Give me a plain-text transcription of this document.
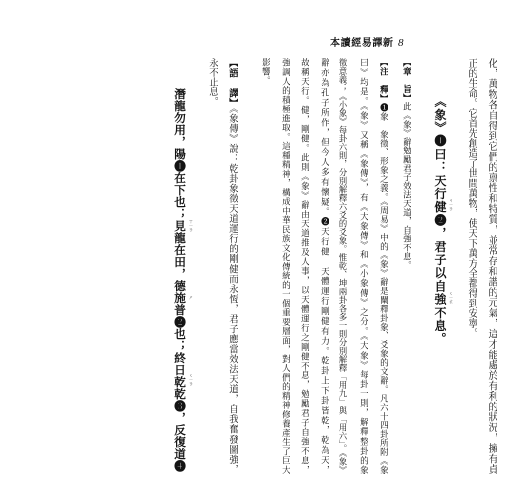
本讀經易譯新 8
化，萬物各自得到它們的禀性和特質，並常存和諧的元氣，這才能處於有利的狀況，擁有貞
正的生命。它首先創造了世間萬物，使天下萬方全都得到安寧。
《象》❶曰：天行健❷，君子以自強不息。 ㄐㄧㄢˋ
ㄑㄧㄤˊ
【章　旨】此《象》辭勉勵君子效法天道，自強不息。
【注　釋】❶象　象徵、形象之義。《周易》中的《象》辭是闡釋卦象、爻象的文辭。凡六十四卦所附《象
曰》均是。《象》又稱《象傳》，有《大象傳》和《小象傳》之分。《大象》每卦一則，解釋整卦的象
徵意義；《小象》每卦六則，分別解釋六爻的爻象。惟乾、坤兩卦各多一則分別解釋「用九」與「用六」。《象》
辭亦為孔子所作，但今人多有懷疑。❷天行健　天體運行剛健有力。乾卦上下卦皆乾，乾為天，
故稱天行。健，剛健。此則《象》辭由天道推及人事，以天體運行之剛健不息，勉勵君子自強不息，
強調人的積極進取。這種精神，構成中華民族文化傳統的一個重要層面，對人們的精神修養產生了巨大
影響。
【語　譯】《象傳》說：乾卦象徵天道運行的剛健而永恆，君子應當效法天道，自我奮發圖強，
永不止息。
潛龍勿用，陽❶在下也；見龍在田，德施普❷也；終日乾乾❸，反復道❹ ㄒㄧㄢˋ
ㄕ
ㄑㄧㄢˊ
